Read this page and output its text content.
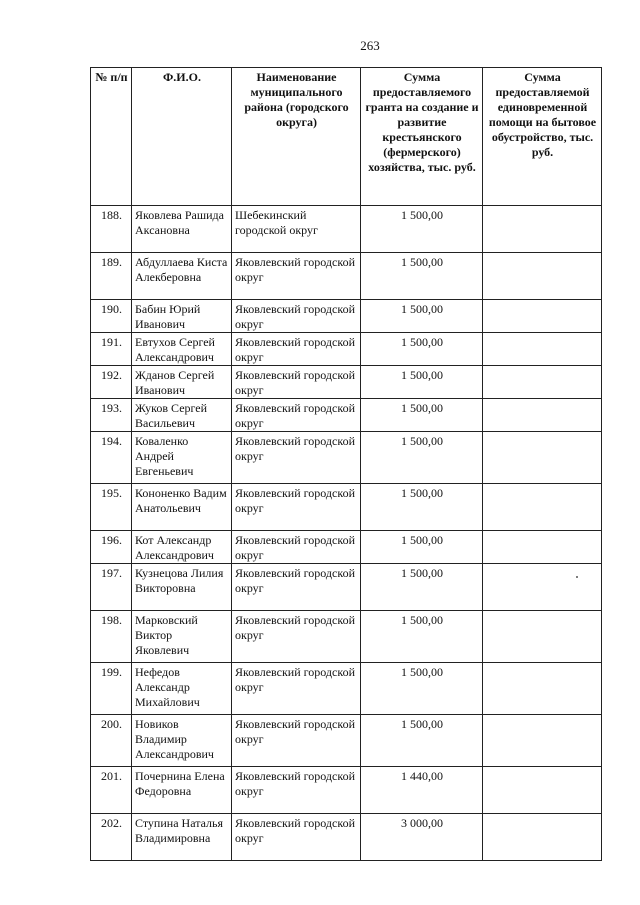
263
№ п/п	Ф.И.О.	Наименование муниципального района (городского округа)	Сумма предоставляемого гранта на создание и развитие крестьянского (фермерского) хозяйства, тыс. руб.	Сумма предоставляемой единовременной помощи на бытовое обустройство, тыс. руб.
188.	Яковлева Рашида Аксановна	Шебекинский городской округ	1 500,00	
189.	Абдуллаева Киста Алекберовна	Яковлевский городской округ	1 500,00	
190.	Бабин Юрий Иванович	Яковлевский городской округ	1 500,00	
191.	Евтухов Сергей Александрович	Яковлевский городской округ	1 500,00	
192.	Жданов Сергей Иванович	Яковлевский городской округ	1 500,00	
193.	Жуков Сергей Васильевич	Яковлевский городской округ	1 500,00	
194.	Коваленко Андрей Евгеньевич	Яковлевский городской округ	1 500,00	
195.	Кононенко Вадим Анатольевич	Яковлевский городской округ	1 500,00	
196.	Кот Александр Александрович	Яковлевский городской округ	1 500,00	
197.	Кузнецова Лилия Викторовна	Яковлевский городской округ	1 500,00	
198.	Марковский Виктор Яковлевич	Яковлевский городской округ	1 500,00	
199.	Нефедов Александр Михайлович	Яковлевский городской округ	1 500,00	
200.	Новиков Владимир Александрович	Яковлевский городской округ	1 500,00	
201.	Почернина Елена Федоровна	Яковлевский городской округ	1 440,00	
202.	Ступина Наталья Владимировна	Яковлевский городской округ	3 000,00	
